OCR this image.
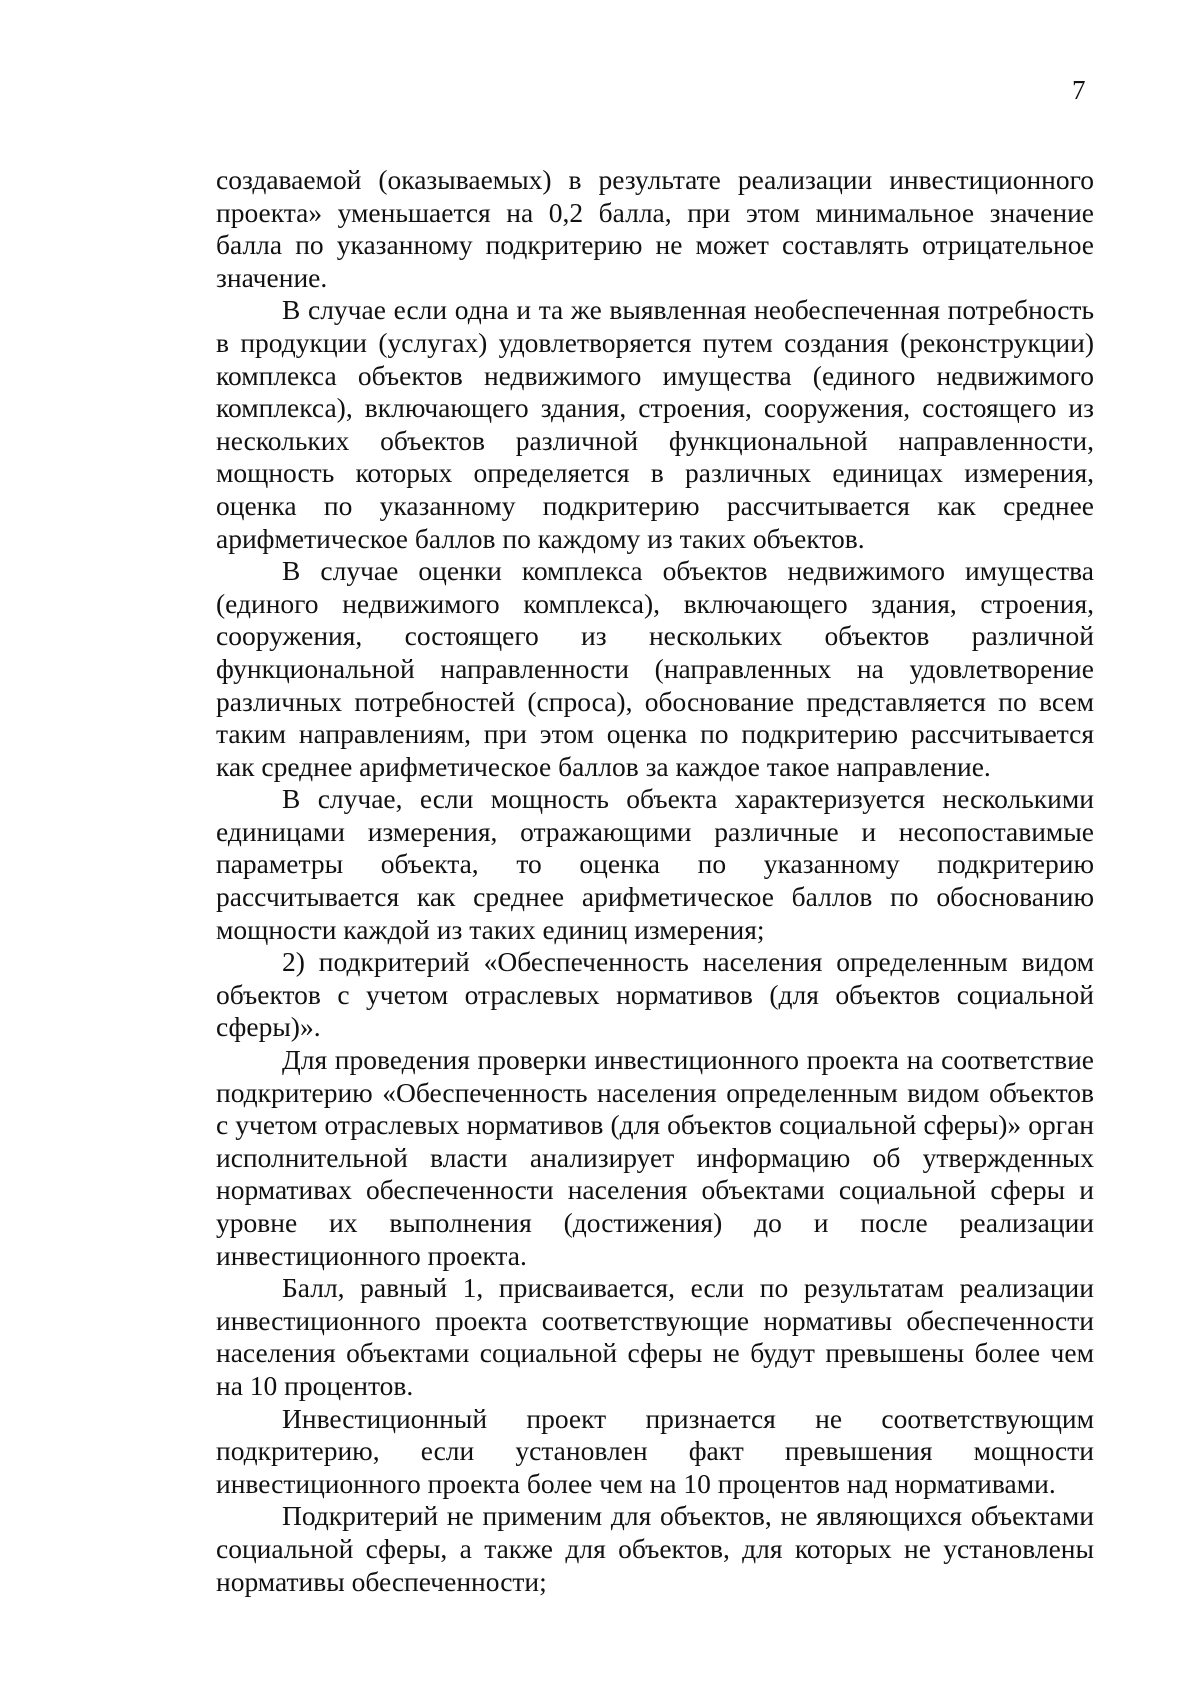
7

создаваемой (оказываемых) в результате реализации инвестиционного проекта» уменьшается на 0,2 балла, при этом минимальное значение балла по указанному подкритерию не может составлять отрицательное значение.

В случае если одна и та же выявленная необеспеченная потребность в продукции (услугах) удовлетворяется путем создания (реконструкции) комплекса объектов недвижимого имущества (единого недвижимого комплекса), включающего здания, строения, сооружения, состоящего из нескольких объектов различной функциональной направленности, мощность которых определяется в различных единицах измерения, оценка по указанному подкритерию рассчитывается как среднее арифметическое баллов по каждому из таких объектов.

В случае оценки комплекса объектов недвижимого имущества (единого недвижимого комплекса), включающего здания, строения, сооружения, состоящего из нескольких объектов различной функциональной направленности (направленных на удовлетворение различных потребностей (спроса), обоснование представляется по всем таким направлениям, при этом оценка по подкритерию рассчитывается как среднее арифметическое баллов за каждое такое направление.

В случае, если мощность объекта характеризуется несколькими единицами измерения, отражающими различные и несопоставимые параметры объекта, то оценка по указанному подкритерию рассчитывается как среднее арифметическое баллов по обоснованию мощности каждой из таких единиц измерения;

2) подкритерий «Обеспеченность населения определенным видом объектов с учетом отраслевых нормативов (для объектов социальной сферы)».

Для проведения проверки инвестиционного проекта на соответствие подкритерию «Обеспеченность населения определенным видом объектов с учетом отраслевых нормативов (для объектов социальной сферы)» орган исполнительной власти анализирует информацию об утвержденных нормативах обеспеченности населения объектами социальной сферы и уровне их выполнения (достижения) до и после реализации инвестиционного проекта.

Балл, равный 1, присваивается, если по результатам реализации инвестиционного проекта соответствующие нормативы обеспеченности населения объектами социальной сферы не будут превышены более чем на 10 процентов.

Инвестиционный проект признается не соответствующим подкритерию, если установлен факт превышения мощности инвестиционного проекта более чем на 10 процентов над нормативами.

Подкритерий не применим для объектов, не являющихся объектами социальной сферы, а также для объектов, для которых не установлены нормативы обеспеченности;
